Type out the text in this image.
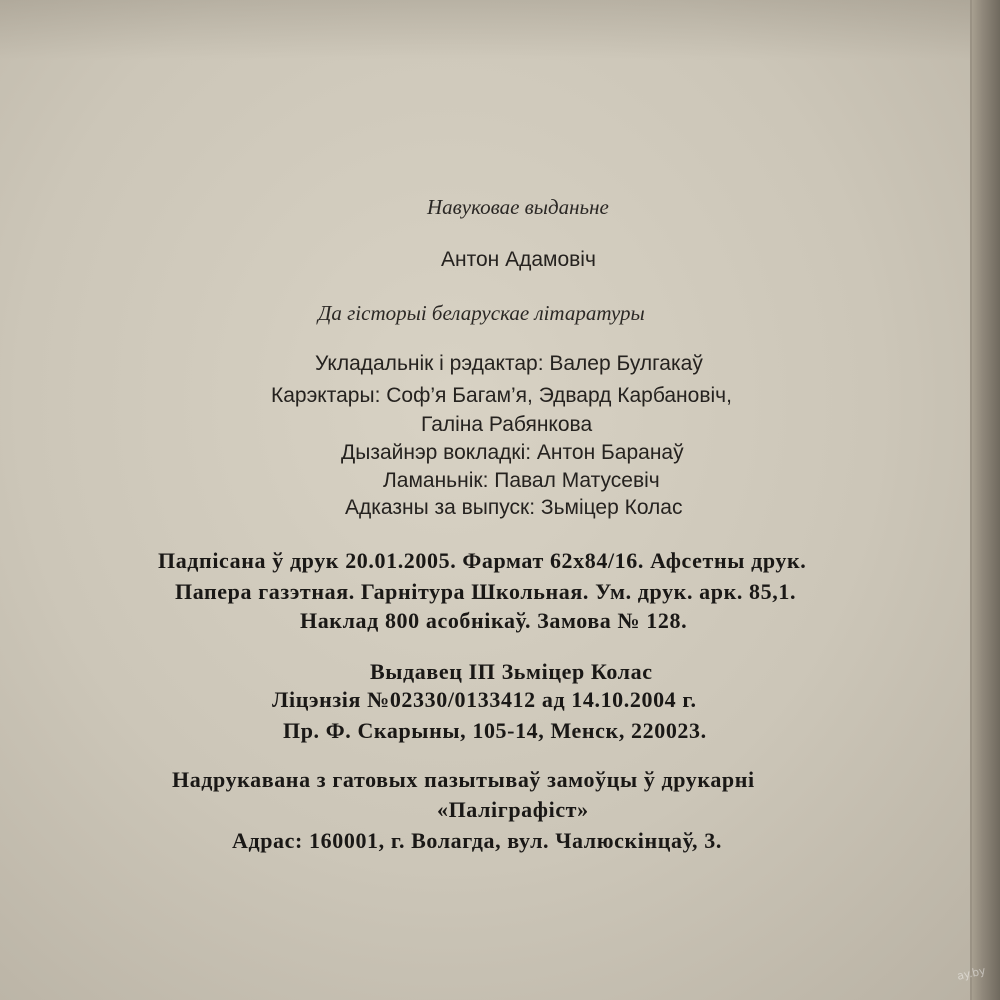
Навуковае выданьне
Антон Адамовіч
Да гісторыі беларускае літаратуры
Укладальнік і рэдактар: Валер Булгакаў
Карэктары: Соф’я Багам’я, Эдвард Карбановіч,
Галіна Рабянкова
Дызайнэр вокладкі: Антон Баранаў
Ламаньнік: Павал Матусевіч
Адказны за выпуск: Зьміцер Колас
Падпісана ў друк 20.01.2005. Фармат 62x84/16. Афсетны друк.
Папера газэтная. Гарнітура Школьная. Ум. друк. арк. 85,1.
Наклад 800 асобнікаў. Замова № 128.
Выдавец ІП Зьміцер Колас
Ліцэнзія №02330/0133412 ад 14.10.2004 г.
Пр. Ф. Скарыны, 105-14, Менск, 220023.
Надрукавана з гатовых пазытываў замоўцы ў друкарні
«Паліграфіст»
Адрас: 160001, г. Волагда, вул. Чалюскінцаў, 3.
ay.by
